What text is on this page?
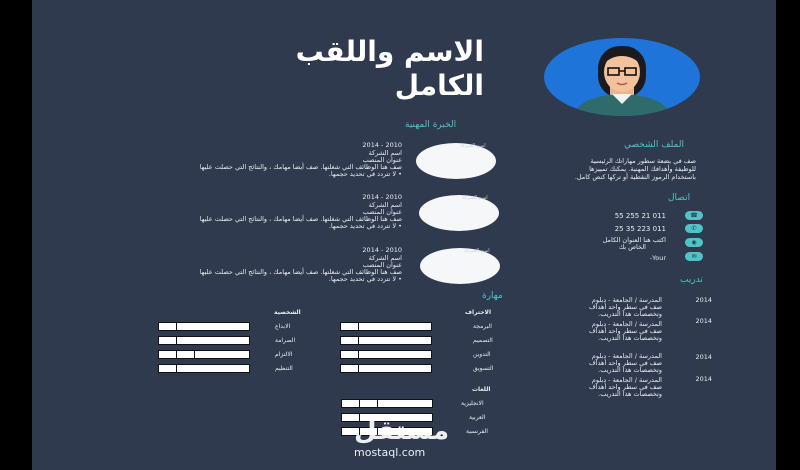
الاسم واللقب
الكامل
الخبرة المهنية
الملف الشخصي
اتصال
تدريب
مهارة
صف في بضعة سطور مهاراتك الرئيسية
للوظيفة وأهدافك المهنية. يمكنك تمييزها
باستخدام الرموز النقطية أو تركها كنص كامل.
اسم الشركة
اسم الشركة
اسم الشركة
2010 - 2014
اسم الشركة
عنوان المنصب
صف هنا الوظائف التي شغلتها. صف أيضا مهامك ، والنتائج التي حصلت عليها
• لا تتردد في تحديد حجمها.
2010 - 2014
اسم الشركة
عنوان المنصب
صف هنا الوظائف التي شغلتها. صف أيضا مهامك ، والنتائج التي حصلت عليها
• لا تتردد في تحديد حجمها.
2010 - 2014
اسم الشركة
عنوان المنصب
صف هنا الوظائف التي شغلتها. صف أيضا مهامك ، والنتائج التي حصلت عليها
• لا تتردد في تحديد حجمها.
011 21 255 55
011 223 35 25
اكتب هنا العنوان الكامل
الخاص بك
Your-
☎
✆
◉
✉
المدرسة / الجامعة - دبلوم
صف في سطر واحد أهداف
وتخصصات هذا التدريب.
2014
المدرسة / الجامعة - دبلوم
صف في سطر واحد أهداف
وتخصصات هذا التدريب.
2014
المدرسة / الجامعة - دبلوم
صف في سطر واحد أهداف
وتخصصات هذا التدريب.
2014
المدرسة / الجامعة - دبلوم
صف في سطر واحد أهداف
وتخصصات هذا التدريب.
2014
الاحتراف
الشخصية
اللغات
البرمجة
التصميم
التدوين
التسويق
الابداع
الصرامة
الالتزام
التنظيم
الانجليزية
العربية
الفرنسية
مستقل
mostaql.com
